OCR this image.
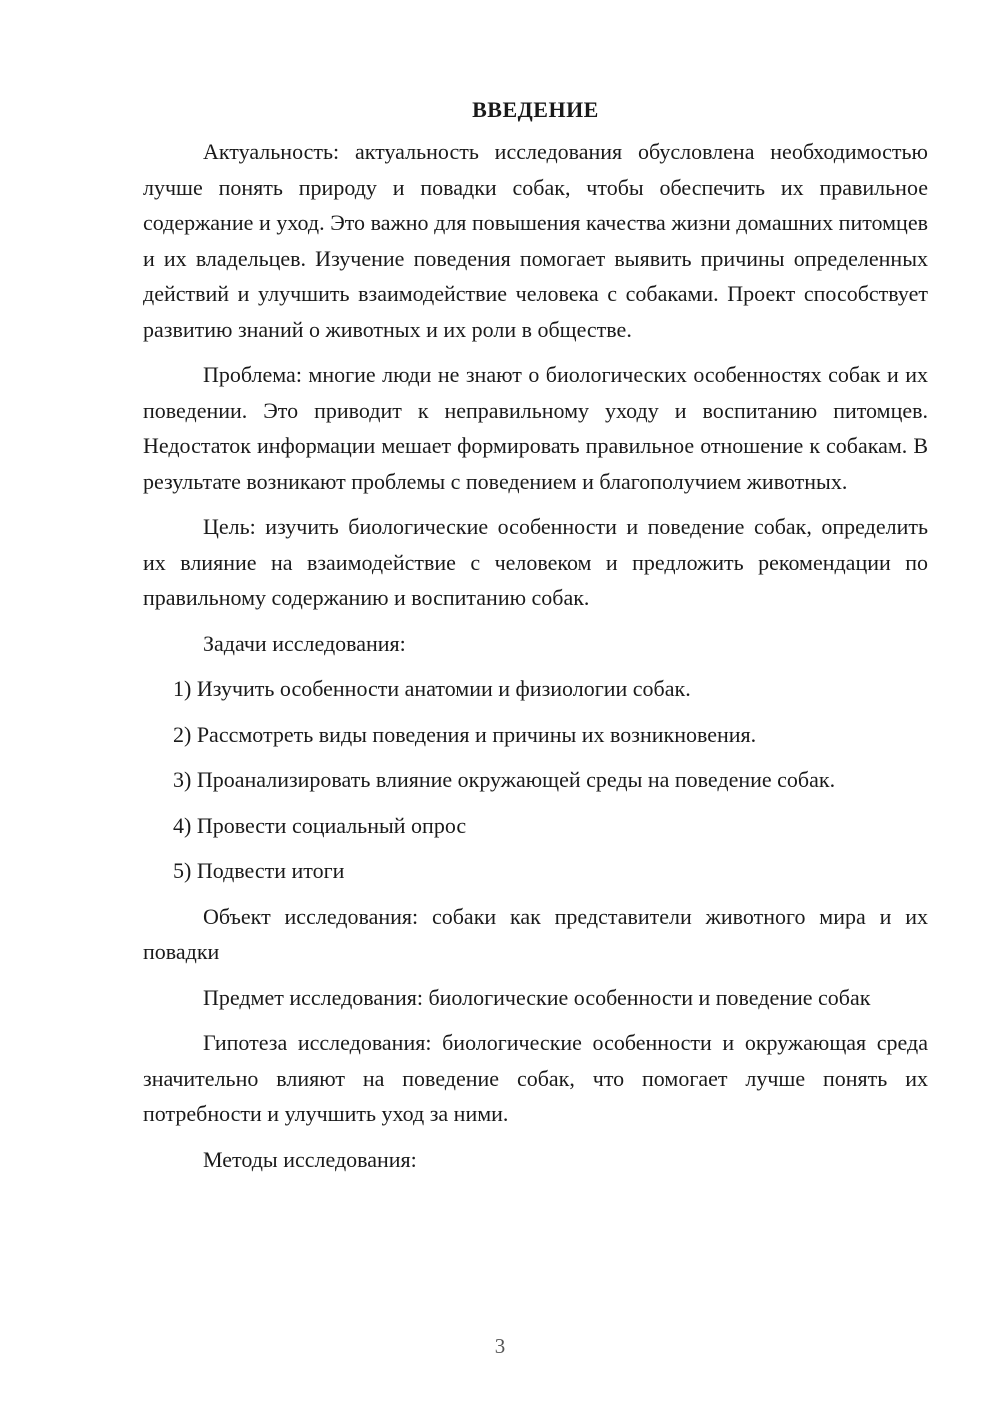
ВВЕДЕНИЕ

Актуальность: актуальность исследования обусловлена необходимостью лучше понять природу и повадки собак, чтобы обеспечить их правильное содержание и уход. Это важно для повышения качества жизни домашних питомцев и их владельцев. Изучение поведения помогает выявить причины определенных действий и улучшить взаимодействие человека с собаками. Проект способствует развитию знаний о животных и их роли в обществе.

Проблема: многие люди не знают о биологических особенностях собак и их поведении. Это приводит к неправильному уходу и воспитанию питомцев. Недостаток информации мешает формировать правильное отношение к собакам. В результате возникают проблемы с поведением и благополучием животных.

Цель: изучить биологические особенности и поведение собак, определить их влияние на взаимодействие с человеком и предложить рекомендации по правильному содержанию и воспитанию собак.

Задачи исследования:

1) Изучить особенности анатомии и физиологии собак.
2) Рассмотреть виды поведения и причины их возникновения.
3) Проанализировать влияние окружающей среды на поведение собак.
4) Провести социальный опрос
5) Подвести итоги

Объект исследования: собаки как представители животного мира и их повадки

Предмет исследования: биологические особенности и поведение собак

Гипотеза исследования: биологические особенности и окружающая среда значительно влияют на поведение собак, что помогает лучше понять их потребности и улучшить уход за ними.

Методы исследования:

3
